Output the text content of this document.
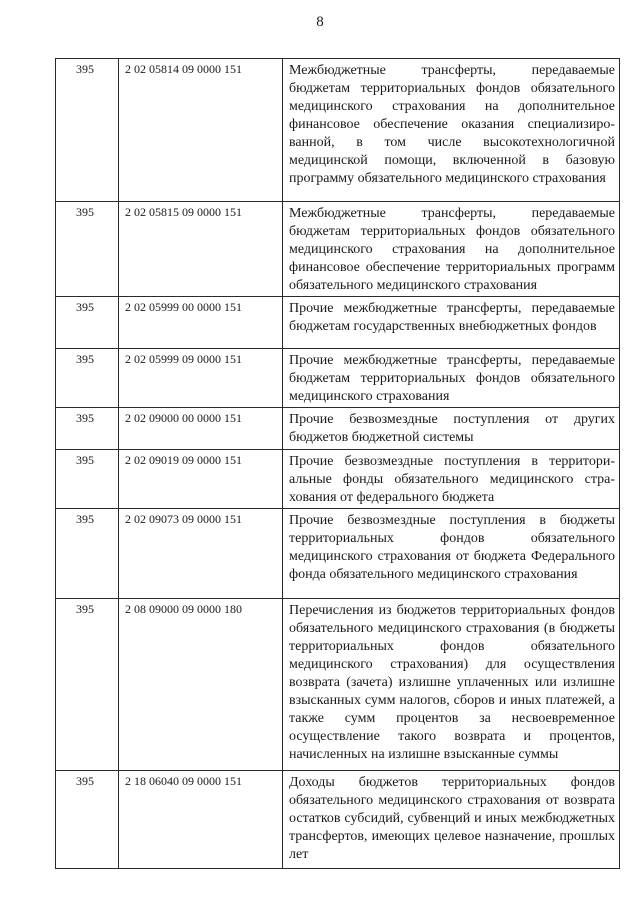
8
395	2 02 05814 09 0000 151	Межбюджетные трансферты, передаваемые бюджетам территориальных фондов обязательного медицинского страхования на дополнительное финансовое обеспечение оказания специализированной, в том числе высокотехнологичной медицинской помощи, включенной в базовую программу обязательного медицинского страхования
395	2 02 05815 09 0000 151	Межбюджетные трансферты, передаваемые бюджетам территориальных фондов обязательного медицинского страхования на дополнительное финансовое обеспечение территориальных программ обязательного медицинского страхования
395	2 02 05999 00 0000 151	Прочие межбюджетные трансферты, передаваемые бюджетам государственных внебюджетных фондов
395	2 02 05999 09 0000 151	Прочие межбюджетные трансферты, передаваемые бюджетам территориальных фондов обязательного медицинского страхования
395	2 02 09000 00 0000 151	Прочие безвозмездные поступления от других бюджетов бюджетной системы
395	2 02 09019 09 0000 151	Прочие безвозмездные поступления в территориальные фонды обязательного медицинского страхования от федерального бюджета
395	2 02 09073 09 0000 151	Прочие безвозмездные поступления в бюджеты территориальных фондов обязательного медицинского страхования от бюджета Федерального фонда обязательного медицинского страхования
395	2 08 09000 09 0000 180	Перечисления из бюджетов территориальных фондов обязательного медицинского страхования (в бюджеты территориальных фондов обязательного медицинского страхования) для осуществления возврата (зачета) излишне уплаченных или излишне взысканных сумм налогов, сборов и иных платежей, а также сумм процентов за несвоевременное осуществление такого возврата и процентов, начисленных на излишне взысканные суммы
395	2 18 06040 09 0000 151	Доходы бюджетов территориальных фондов обязательного медицинского страхования от возврата остатков субсидий, субвенций и иных межбюджетных трансфертов, имеющих целевое назначение, прошлых лет
